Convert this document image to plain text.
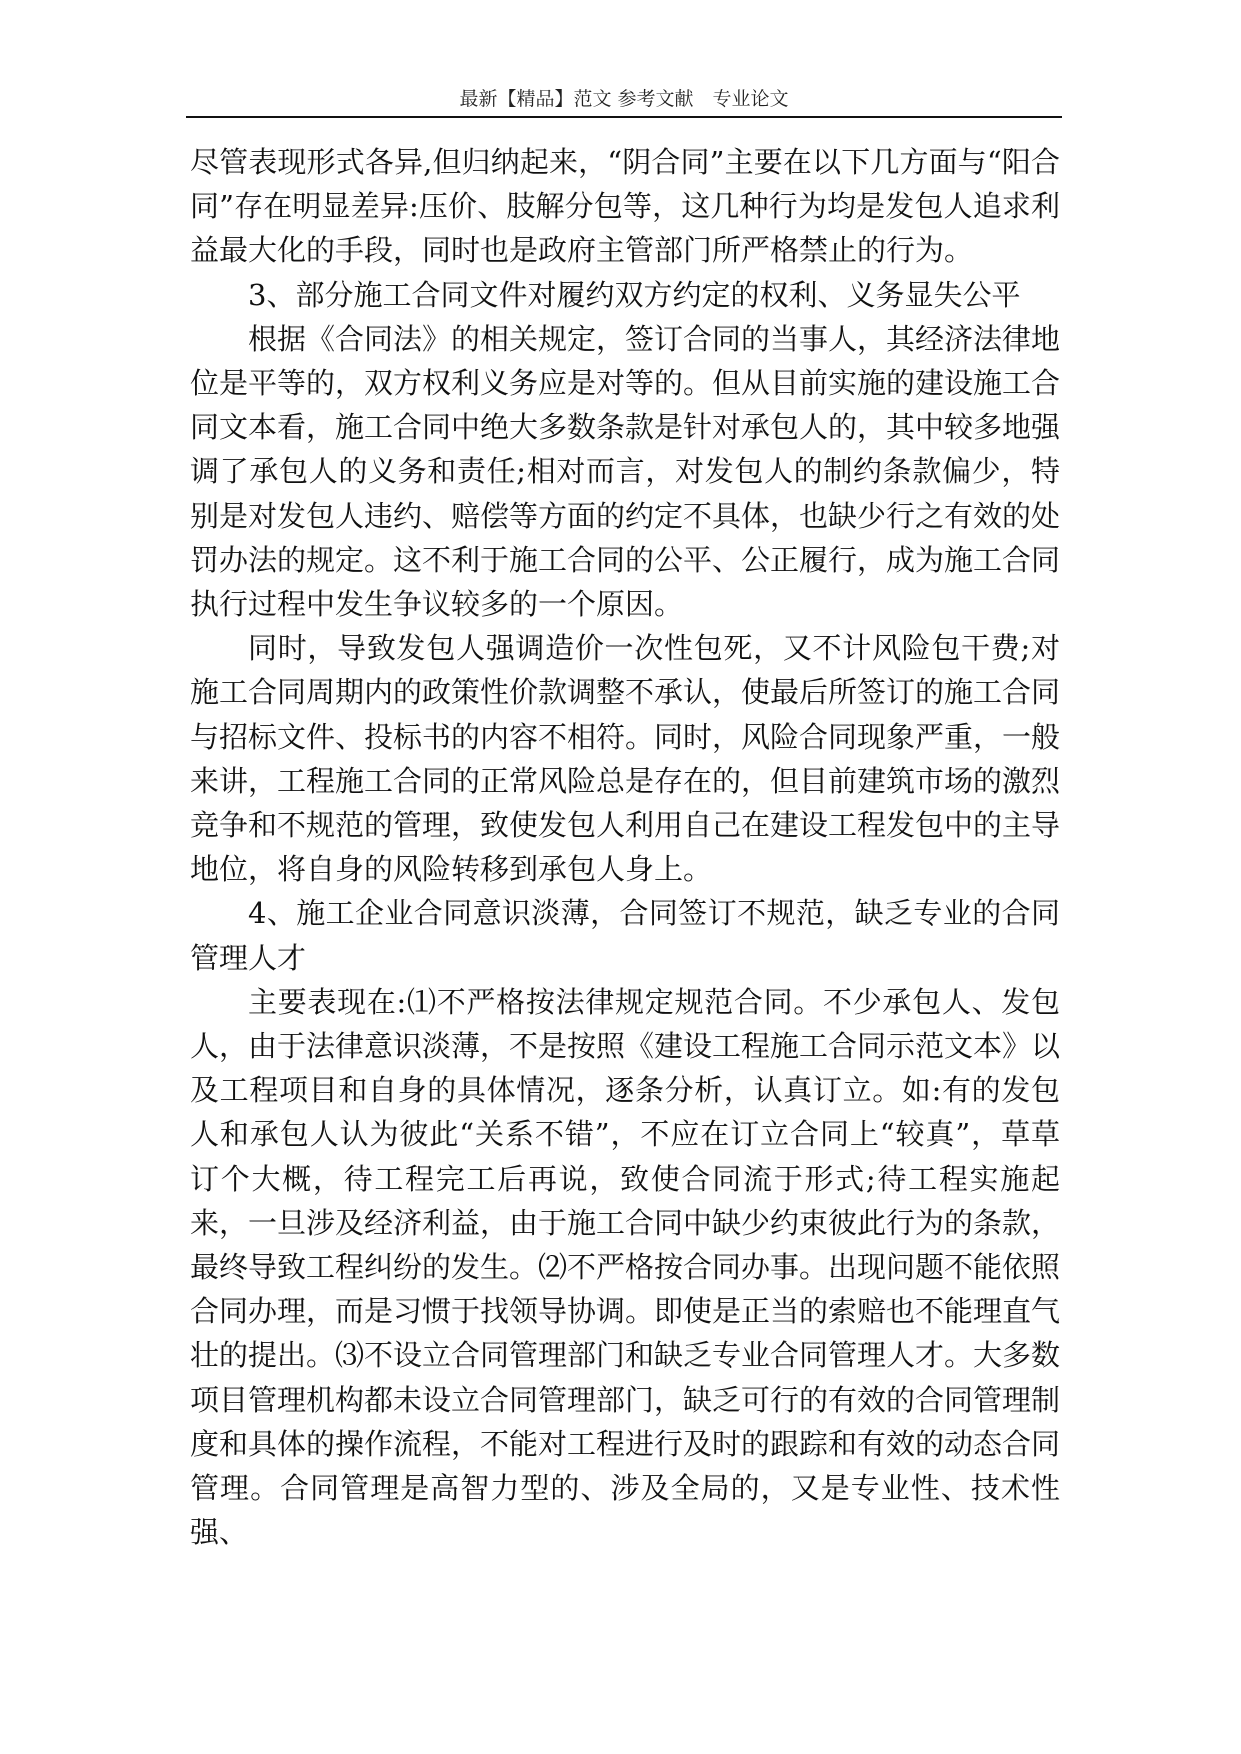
最新【精品】范文 参考文献　专业论文

尽管表现形式各异,但归纳起来，“阴合同”主要在以下几方面与“阳合同”存在明显差异:压价、肢解分包等，这几种行为均是发包人追求利益最大化的手段，同时也是政府主管部门所严格禁止的行为。

3、部分施工合同文件对履约双方约定的权利、义务显失公平

根据《合同法》的相关规定，签订合同的当事人，其经济法律地位是平等的，双方权利义务应是对等的。但从目前实施的建设施工合同文本看，施工合同中绝大多数条款是针对承包人的，其中较多地强调了承包人的义务和责任;相对而言，对发包人的制约条款偏少，特别是对发包人违约、赔偿等方面的约定不具体，也缺少行之有效的处罚办法的规定。这不利于施工合同的公平、公正履行，成为施工合同执行过程中发生争议较多的一个原因。

同时，导致发包人强调造价一次性包死，又不计风险包干费;对施工合同周期内的政策性价款调整不承认，使最后所签订的施工合同与招标文件、投标书的内容不相符。同时，风险合同现象严重，一般来讲，工程施工合同的正常风险总是存在的，但目前建筑市场的激烈竞争和不规范的管理，致使发包人利用自己在建设工程发包中的主导地位，将自身的风险转移到承包人身上。

4、施工企业合同意识淡薄，合同签订不规范，缺乏专业的合同管理人才

主要表现在:⑴不严格按法律规定规范合同。不少承包人、发包人，由于法律意识淡薄，不是按照《建设工程施工合同示范文本》以及工程项目和自身的具体情况，逐条分析，认真订立。如:有的发包人和承包人认为彼此“关系不错”，不应在订立合同上“较真”，草草订个大概，待工程完工后再说，致使合同流于形式;待工程实施起来，一旦涉及经济利益，由于施工合同中缺少约束彼此行为的条款，最终导致工程纠纷的发生。⑵不严格按合同办事。出现问题不能依照合同办理，而是习惯于找领导协调。即使是正当的索赔也不能理直气壮的提出。⑶不设立合同管理部门和缺乏专业合同管理人才。大多数项目管理机构都未设立合同管理部门，缺乏可行的有效的合同管理制度和具体的操作流程，不能对工程进行及时的跟踪和有效的动态合同管理。合同管理是高智力型的、涉及全局的，又是专业性、技术性强、
